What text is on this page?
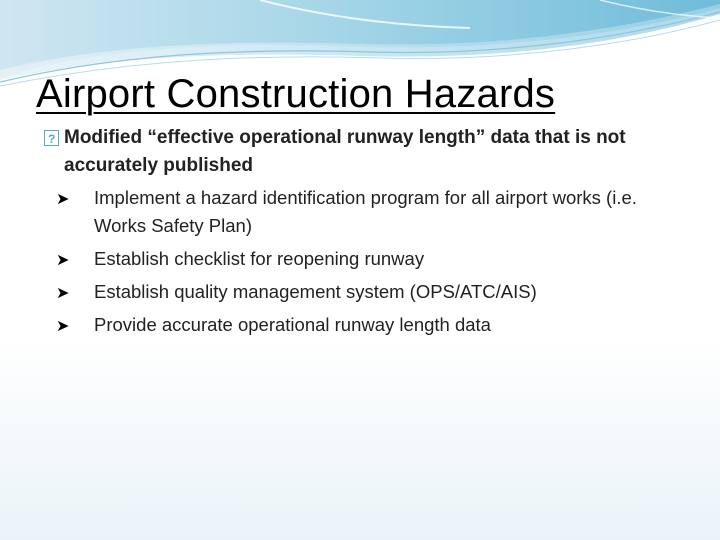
Airport Construction Hazards
?
Modified “effective operational runway length” data that is not accurately published
➤ Implement a hazard identification program for all airport works (i.e. Works Safety Plan)
➤ Establish checklist for reopening runway
➤ Establish quality management system (OPS/ATC/AIS)
➤ Provide accurate operational runway length data
